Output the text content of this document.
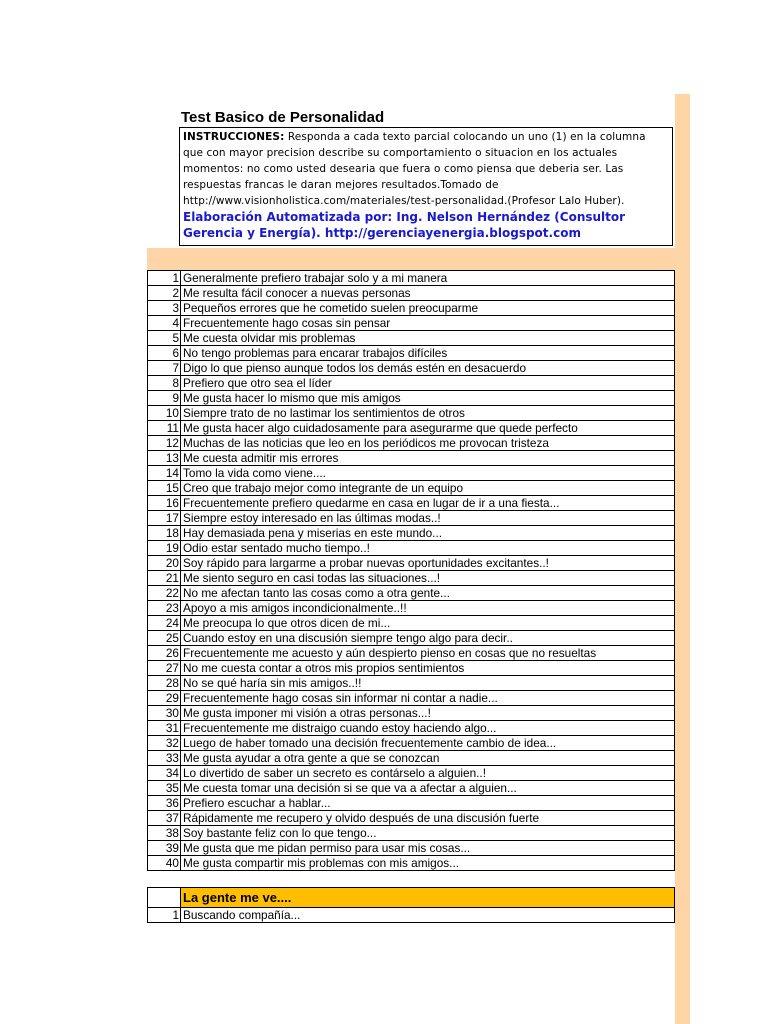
Test Basico de Personalidad
INSTRUCCIONES: Responda a cada texto parcial colocando un uno (1) en la columna que con mayor precision describe su comportamiento o situacion en los actuales momentos: no como usted desearia que fuera o como piensa que deberia ser. Las respuestas francas le daran mejores resultados.Tomado de http://www.visionholistica.com/materiales/test-personalidad.(Profesor Lalo Huber).
Elaboración Automatizada por: Ing. Nelson Hernández (Consultor Gerencia y Energía). http://gerenciayenergia.blogspot.com
1	Generalmente prefiero trabajar solo y a mi manera
2	Me resulta fácil conocer a nuevas personas
3	Pequeños errores que he cometido suelen preocuparme
4	Frecuentemente hago cosas sin pensar
5	Me cuesta olvidar mis problemas
6	No tengo problemas para encarar trabajos difíciles
7	Digo lo que pienso aunque todos los demás estén en desacuerdo
8	Prefiero que otro sea el líder
9	Me gusta hacer lo mismo que mis amigos
10	Siempre trato de no lastimar los sentimientos de otros
11	Me gusta hacer algo cuidadosamente para asegurarme que quede perfecto
12	Muchas de las noticias que leo en los periódicos me provocan tristeza
13	Me cuesta admitir mis errores
14	Tomo la vida como viene....
15	Creo que trabajo mejor como integrante de un equipo
16	Frecuentemente prefiero quedarme en casa en lugar de ir a una fiesta...
17	Siempre estoy interesado en las últimas modas..!
18	Hay demasiada pena y miserias en este mundo...
19	Odio estar sentado mucho tiempo..!
20	Soy rápido para largarme a probar nuevas oportunidades excitantes..!
21	Me siento seguro en casi todas las situaciones...!
22	No me afectan tanto las cosas como a otra gente...
23	Apoyo a mis amigos incondicionalmente..!!
24	Me preocupa lo que otros dicen de mi...
25	Cuando estoy en una discusión siempre tengo algo para decir..
26	Frecuentemente me acuesto y aún despierto pienso en cosas que no resueltas
27	No me cuesta contar a otros mis propios sentimientos
28	No se qué haría sin mis amigos..!!
29	Frecuentemente hago cosas sin informar ni contar a nadie...
30	Me gusta imponer mi visión a otras personas...!
31	Frecuentemente me distraigo cuando estoy haciendo algo...
32	Luego de haber tomado una decisión frecuentemente cambio de idea...
33	Me gusta ayudar a otra gente a que se conozcan
34	Lo divertido de saber un secreto es contárselo a alguien..!
35	Me cuesta tomar una decisión si se que va a afectar a alguien...
36	Prefiero escuchar a hablar...
37	Rápidamente me recupero y olvido después de una discusión fuerte
38	Soy bastante feliz con lo que tengo...
39	Me gusta que me pidan permiso para usar mis cosas...
40	Me gusta compartir mis problemas con mis amigos...
	La gente me ve....
1	Buscando compañía...
